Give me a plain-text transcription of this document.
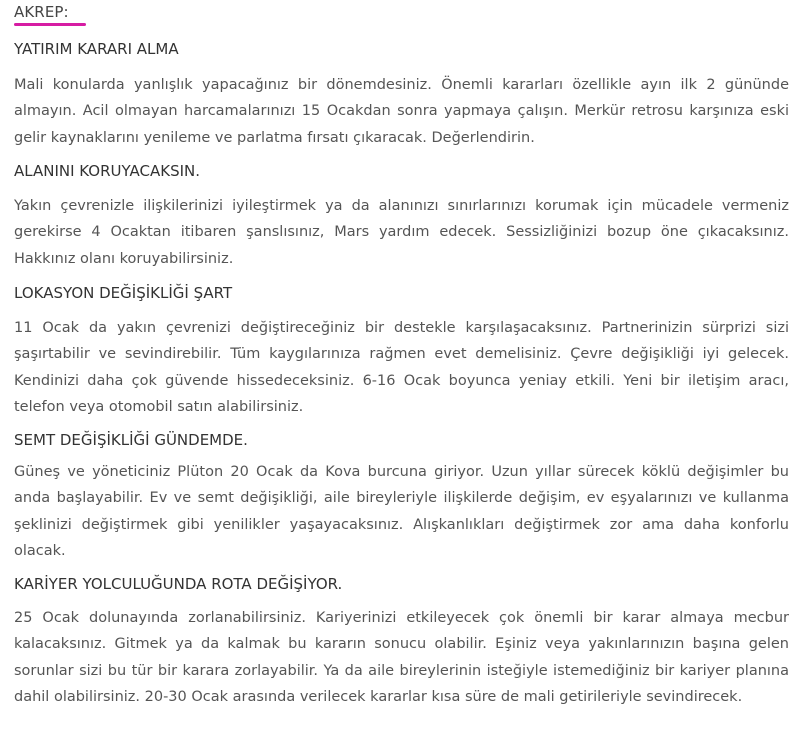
AKREP:
YATIRIM KARARI ALMA

Mali konularda yanlışlık yapacağınız bir dönemdesiniz. Önemli kararları özellikle ayın ilk 2 gününde almayın. Acil olmayan harcamalarınızı 15 Ocakdan sonra yapmaya çalışın. Merkür retrosu karşınıza eski gelir kaynaklarını yenileme ve parlatma fırsatı çıkaracak. Değerlendirin.

ALANINI KORUYACAKSIN.

Yakın çevrenizle ilişkilerinizi iyileştirmek ya da alanınızı sınırlarınızı korumak için mücadele vermeniz gerekirse 4 Ocaktan itibaren şanslısınız, Mars yardım edecek. Sessizliğinizi bozup öne çıkacaksınız. Hakkınız olanı koruyabilirsiniz.

LOKASYON DEĞİŞİKLİĞİ ŞART

11 Ocak da yakın çevrenizi değiştireceğiniz bir destekle karşılaşacaksınız. Partnerinizin sürprizi sizi şaşırtabilir ve sevindirebilir. Tüm kaygılarınıza rağmen evet demelisiniz. Çevre değişikliği iyi gelecek. Kendinizi daha çok güvende hissedeceksiniz. 6-16 Ocak boyunca yeniay etkili. Yeni bir iletişim aracı, telefon veya otomobil satın alabilirsiniz.

SEMT DEĞİŞİKLİĞİ GÜNDEMDE.

Güneş ve yöneticiniz Plüton 20 Ocak da Kova burcuna giriyor. Uzun yıllar sürecek köklü değişimler bu anda başlayabilir. Ev ve semt değişikliği, aile bireyleriyle ilişkilerde değişim, ev eşyalarınızı ve kullanma şeklinizi değiştirmek gibi yenilikler yaşayacaksınız. Alışkanlıkları değiştirmek zor ama daha konforlu olacak.

KARİYER YOLCULUĞUNDA ROTA DEĞİŞİYOR.

25 Ocak dolunayında zorlanabilirsiniz. Kariyerinizi etkileyecek çok önemli bir karar almaya mecbur kalacaksınız. Gitmek ya da kalmak bu kararın sonucu olabilir. Eşiniz veya yakınlarınızın başına gelen sorunlar sizi bu tür bir karara zorlayabilir. Ya da aile bireylerinin isteğiyle istemediğiniz bir kariyer planına dahil olabilirsiniz. 20-30 Ocak arasında verilecek kararlar kısa süre de mali getirileriyle sevindirecek.
